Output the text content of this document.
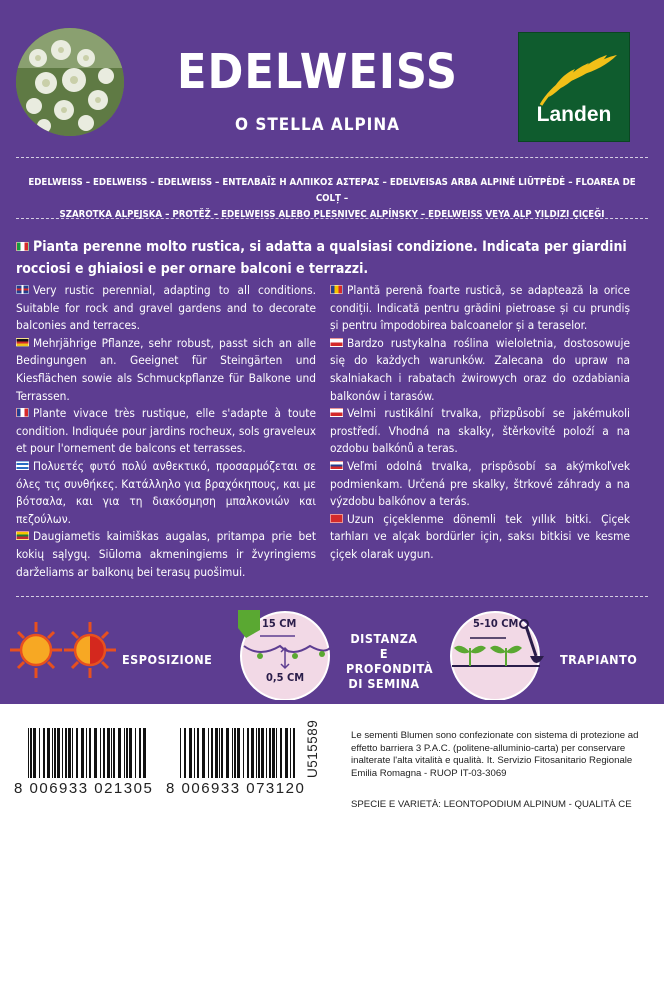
EDELWEISS
O STELLA ALPINA	Landen
EDELWEISS – EDELWEISS – EDELWEISS – ΕΝΤΕΛΒΑΪΣ Η ΑΛΠΙΚΟΣ ΑΣΤΕΡΑΣ – EDELVEISAS ARBA ALPINÉ LIŪTPĖDĖ – FLOAREA DE COLȚ –
SZAROTKA ALPEJSKA – PROTĚŽ – EDELWEISS ALEBO PLESNIVEC ALPÍNSKY – EDELWEISS VEYA ALP YILDIZI ÇIÇEĞI
Pianta perenne molto rustica, si adatta a qualsiasi condizione. Indicata per giardini rocciosi e ghiaiosi e per ornare balconi e terrazzi.

Very rustic perennial, adapting to all conditions. Suitable for rock and gravel gardens and to decorate balconies and terraces.

Mehrjährige Pflanze, sehr robust, passt sich an alle Bedingungen an. Geeignet für Steingärten und Kiesflächen sowie als Schmuckpflanze für Balkone und Terrassen.

Plante vivace très rustique, elle s'adapte à toute condition. Indiquée pour jardins rocheux, sols graveleux et pour l'ornement de balcons et terrasses.

Πολυετές φυτό πολύ ανθεκτικό, προσαρμόζεται σε όλες τις συνθήκες. Κατάλληλο για βραχόκηπους, και με βότσαλα, και για τη διακόσμηση μπαλκονιών και πεζούλων.

Daugiametis kaimiškas augalas, pritampa prie bet kokių sąlygų. Siūloma akmeningiems ir žvyringiems darželiams ar balkonų bei terasų puošimui.

Plantă perenă foarte rustică, se adaptează la orice condiții. Indicată pentru grădini pietroase și cu prundiș și pentru împodobirea balcoanelor și a teraselor.

Bardzo rustykalna roślina wieloletnia, dostosowuje się do każdych warunków. Zalecana do upraw na skalniakach i rabatach żwirowych oraz do ozdabiania balkonów i tarasów.

Velmi rustikální trvalka, přizpůsobí se jakémukoli prostředí. Vhodná na skalky, štěrkovité poloźí a na ozdobu balkónů a teras.

Veľmi odolná trvalka, prispôsobí sa akýmkoľvek podmienkam. Určená pre skalky, štrkové záhrady a na výzdobu balkónov a terás.

Uzun çiçeklenme dönemli tek yıllık bitki. Çiçek tarhları ve alçak bordürler için, saksı bitkisi ve kesme çiçek olarak uygun.

ESPOSIZIONE
15 CM
0,5 CM
DISTANZA E
PROFONDITÀ
DI SEMINA
5-10 CM
TRAPIANTO
8 006933 021305 8 006933 073120
U515589	Le sementi Blumen sono confezionate con sistema di protezione ad effetto barriera 3 P.A.C. (politene-alluminio-carta) per conservare inalterate l'alta vitalità e qualità. It. Servizio Fitosanitario Regionale Emilia Romagna - RUOP IT-03-3069
SPECIE E VARIETÀ: LEONTOPODIUM ALPINUM - QUALITÀ CE
